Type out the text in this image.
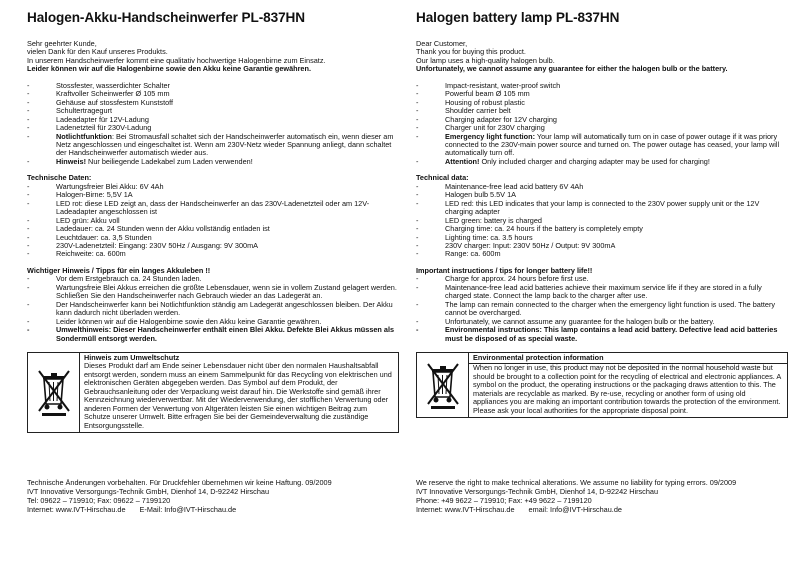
Halogen-Akku-Handscheinwerfer PL-837HN

Sehr geehrter Kunde,

vielen Dank für den Kauf unseres Produkts.

In unserem Handscheinwerfer kommt eine qualitativ hochwertige Halogenbirne zum Einsatz.

Leider können wir auf die Halogenbirne sowie den Akku keine Garantie gewähren.

- Stossfester, wasserdichter Schalter
- Kraftvoller Scheinwerfer Ø 105 mm
- Gehäuse auf stossfestem Kunststoff
- Schultertragegurt
- Ladeadapter für 12V-Ladung
- Ladenetzteil für 230V-Ladung
- Notlichtfunktion: Bei Stromausfall schaltet sich der Handscheinwerfer automatisch ein, wenn dieser am Netz angeschlossen und eingeschaltet ist. Wenn am 230V-Netz wieder Spannung anliegt, dann schaltet der Handscheinwerfer automatisch wieder aus.
- Hinweis! Nur beiliegende Ladekabel zum Laden verwenden!
Technische Daten:
- Wartungsfreier Blei Akku: 6V 4Ah
- Halogen-Birne: 5,5V 1A
- LED rot: diese LED zeigt an, dass der Handscheinwerfer an das 230V-Ladenetzteil oder am 12V-Ladeadapter angeschlossen ist
- LED grün: Akku voll
- Ladedauer: ca. 24 Stunden wenn der Akku vollständig entladen ist
- Leuchtdauer: ca. 3,5 Stunden
- 230V-Ladenetzteil: Eingang: 230V 50Hz / Ausgang: 9V 300mA
- Reichweite: ca. 600m
Wichtiger Hinweis / Tipps für ein langes Akkuleben !!
- Vor dem Erstgebrauch ca. 24 Stunden laden.
- Wartungsfreie Blei Akkus erreichen die größte Lebensdauer, wenn sie in vollem Zustand gelagert werden. Schließen Sie den Handscheinwerfer nach Gebrauch wieder an das Ladegerät an.
- Der Handscheinwerfer kann bei Notlichtfunktion ständig am Ladegerät angeschlossen bleiben. Der Akku kann dadurch nicht überladen werden.
- Leider können wir auf die Halogenbirne sowie den Akku keine Garantie gewähren.
- Umwelthinweis: Dieser Handscheinwerfer enthält einen Blei Akku. Defekte Blei Akkus müssen als Sondermüll entsorgt werden.
Hinweis zum Umweltschutz
Dieses Produkt darf am Ende seiner Lebensdauer nicht über den normalen Haushaltsabfall entsorgt werden, sondern muss an einem Sammelpunkt für das Recycling von elektrischen und elektronischen Geräten abgegeben werden. Das Symbol auf dem Produkt, der Gebrauchsanleitung oder der Verpackung weist darauf hin. Die Werkstoffe sind gemäß ihrer Kennzeichnung wiederverwertbar. Mit der Wiederverwendung, der stofflichen Verwertung oder anderen Formen der Verwertung von Altgeräten leisten Sie einen wichtigen Beitrag zum Schutze unserer Umwelt. Bitte erfragen Sie bei der Gemeindeverwaltung die zuständige Entsorgungsstelle.
Halogen battery lamp PL-837HN

Dear Customer,

Thank you for buying this product.

Our lamp uses a high-quality halogen bulb.

Unfortunately, we cannot assume any guarantee for either the halogen bulb or the battery.

- Impact-resistant, water-proof switch
- Powerful beam Ø 105 mm
- Housing of robust plastic
- Shoulder carrier belt
- Charging adapter for 12V charging
- Charger unit for 230V charging
- Emergency light function: Your lamp will automatically turn on in case of power outage if it was priory connected to the 230V-main power source and turned on. The power outage has ceased, your lamp will automatically turn off.
- Attention! Only included charger and charging adapter may be used for charging!
Technical data:
- Maintenance-free lead acid battery 6V 4Ah
- Halogen bulb 5.5V 1A
- LED red: this LED indicates that your lamp is connected to the 230V power supply unit or the 12V charging adapter
- LED green: battery is charged
- Charging time: ca. 24 hours if the battery is completely empty
- Lighting time: ca. 3.5 hours
- 230V charger: Input: 230V 50Hz / Output: 9V 300mA
- Range: ca. 600m
Important instructions / tips for longer battery life!!
- Charge for approx. 24 hours before first use.
- Maintenance-free lead acid batteries achieve their maximum service life if they are stored in a fully charged state. Connect the lamp back to the charger after use.
- The lamp can remain connected to the charger when the emergency light function is used. The battery cannot be overcharged.
- Unfortunately, we cannot assume any guarantee for the halogen bulb or the battery.
- Environmental instructions: This lamp contains a lead acid battery. Defective lead acid batteries must be disposed of as special waste.
Environmental protection information
When no longer in use, this product may not be deposited in the normal household waste but should be brought to a collection point for the recycling of electrical and electronic appliances. A symbol on the product, the operating instructions or the packaging draws attention to this. The materials are recyclable as marked. By re-use, recycling or another form of using old appliances you are making an important contribution towards the protection of the environment. Please ask your local authorities for the appropriate disposal point.
Technische Änderungen vorbehalten. Für Druckfehler übernehmen wir keine Haftung. 09/2009
IVT Innovative Versorgungs-Technik GmbH, Dienhof 14, D-92242 Hirschau
Tel: 09622 – 719910; Fax: 09622 – 7199120
Internet: www.IVT-Hirschau.de E-Mail: Info@IVT-Hirschau.de
We reserve the right to make technical alterations. We assume no liability for typing errors. 09/2009
IVT Innovative Versorgungs-Technik GmbH, Dienhof 14, D-92242 Hirschau
Phone: +49 9622 – 719910; Fax: +49 9622 – 7199120
Internet: www.IVT-Hirschau.de email: Info@IVT-Hirschau.de
